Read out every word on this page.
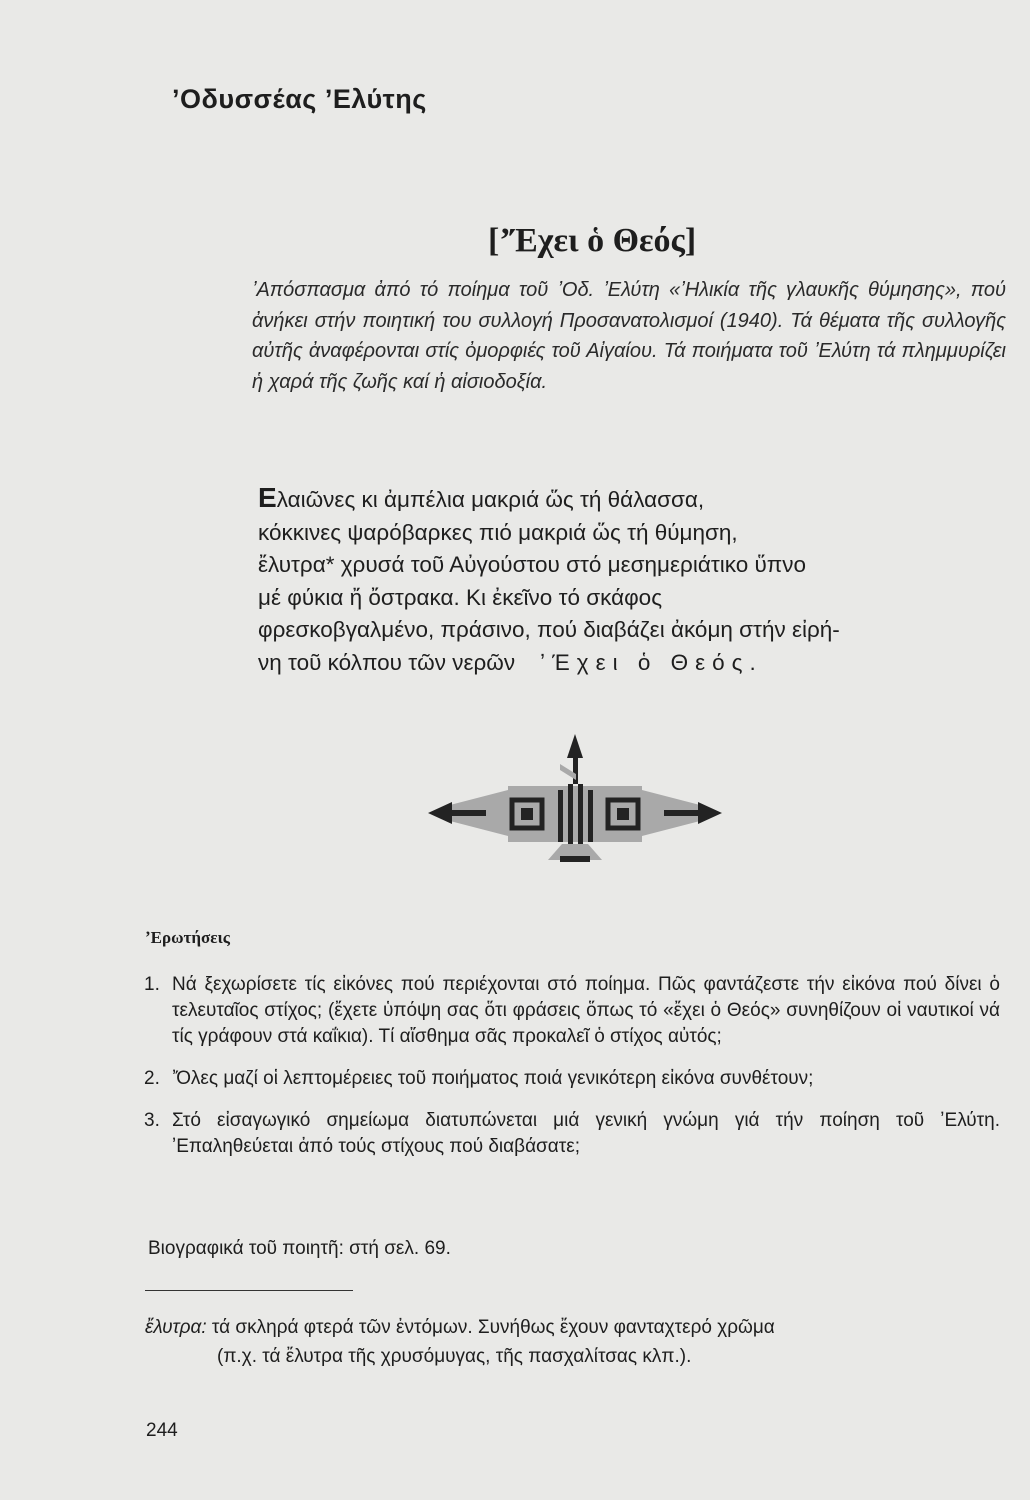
ʼΟδυσσέας ʼΕλύτης
[ʼΈχει ὁ Θεός]
ʼΑπόσπασμα ἀπό τό ποίημα τοῦ ʼΟδ. ʼΕλύτη «ʼΗλικία τῆς γλαυκῆς θύμησης», πού ἀνήκει στήν ποιητική του συλλογή Προσανατολισμοί (1940). Τά θέματα τῆς συλλογῆς αὐτῆς ἀναφέρονται στίς ὀμορφιές τοῦ Αἰγαίου. Τά ποιήματα τοῦ ʼΕλύτη τά πλημμυρίζει ἡ χαρά τῆς ζωῆς καί ἡ αἰσιοδοξία.
Ελαιῶνες κι ἀμπέλια μακριά ὥς τή θάλασσα,
κόκκινες ψαρόβαρκες πιό μακριά ὥς τή θύμηση,
ἔλυτρα* χρυσά τοῦ Αὐγούστου στό μεσημεριάτικο ὕπνο
μέ φύκια ἤ ὄστρακα. Κι ἐκεῖνο τό σκάφος
φρεσκοβγαλμένο, πράσινο, πού διαβάζει ἀκόμη στήν εἰρή-
νη τοῦ κόλπου τῶν νερῶν ʼΈχει ὁ Θεός.
ʼΕρωτήσεις
1. Νά ξεχωρίσετε τίς εἰκόνες πού περιέχονται στό ποίημα. Πῶς φαντάζεστε τήν εἰκόνα πού δίνει ὁ τελευταῖος στίχος; (ἔχετε ὑπόψη σας ὅτι φράσεις ὅπως τό «ἔχει ὁ Θεός» συνηθίζουν οἱ ναυτικοί νά τίς γράφουν στά καΐκια). Τί αἴσθημα σᾶς προκαλεῖ ὁ στίχος αὐτός;
2. ʼΌλες μαζί οἱ λεπτομέρειες τοῦ ποιήματος ποιά γενικότερη εἰκόνα συνθέτουν;
3. Στό εἰσαγωγικό σημείωμα διατυπώνεται μιά γενική γνώμη γιά τήν ποίηση τοῦ ʼΕλύτη. ʼΕπαληθεύεται ἀπό τούς στίχους πού διαβάσατε;
Βιογραφικά τοῦ ποιητῆ: στή σελ. 69.
ἔλυτρα: τά σκληρά φτερά τῶν ἐντόμων. Συνήθως ἔχουν φανταχτερό χρῶμα
(π.χ. τά ἔλυτρα τῆς χρυσόμυγας, τῆς πασχαλίτσας κλπ.).
244
